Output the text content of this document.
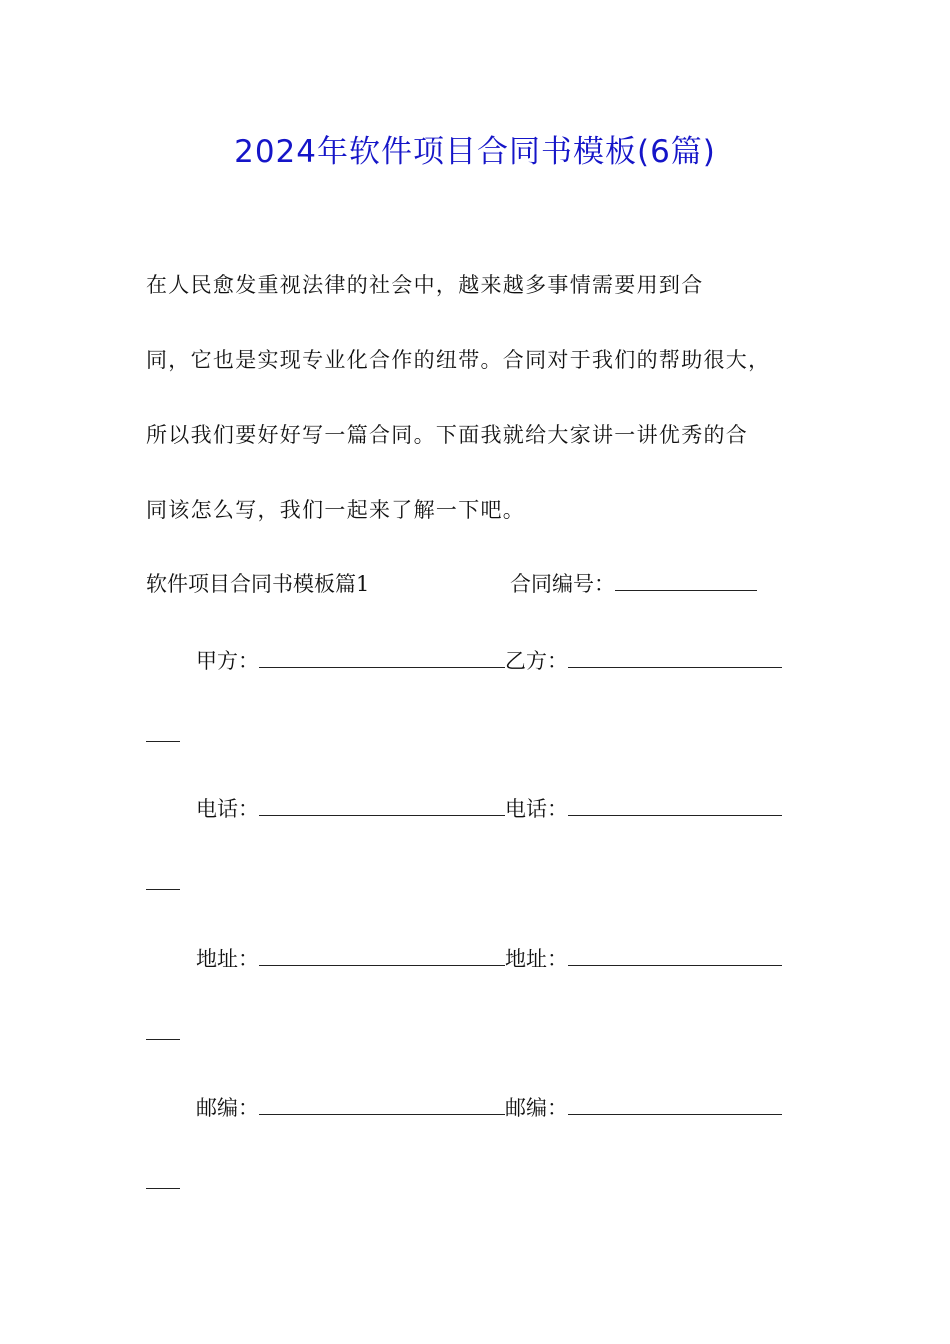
2024年软件项目合同书模板(6篇)
在人民愈发重视法律的社会中，越来越多事情需要用到合
同，它也是实现专业化合作的纽带。合同对于我们的帮助很大，
所以我们要好好写一篇合同。下面我就给大家讲一讲优秀的合
同该怎么写，我们一起来了解一下吧。
软件项目合同书模板篇1	合同编号：
甲方：	乙方：
电话：	电话：
地址：	地址：
邮编：	邮编：
